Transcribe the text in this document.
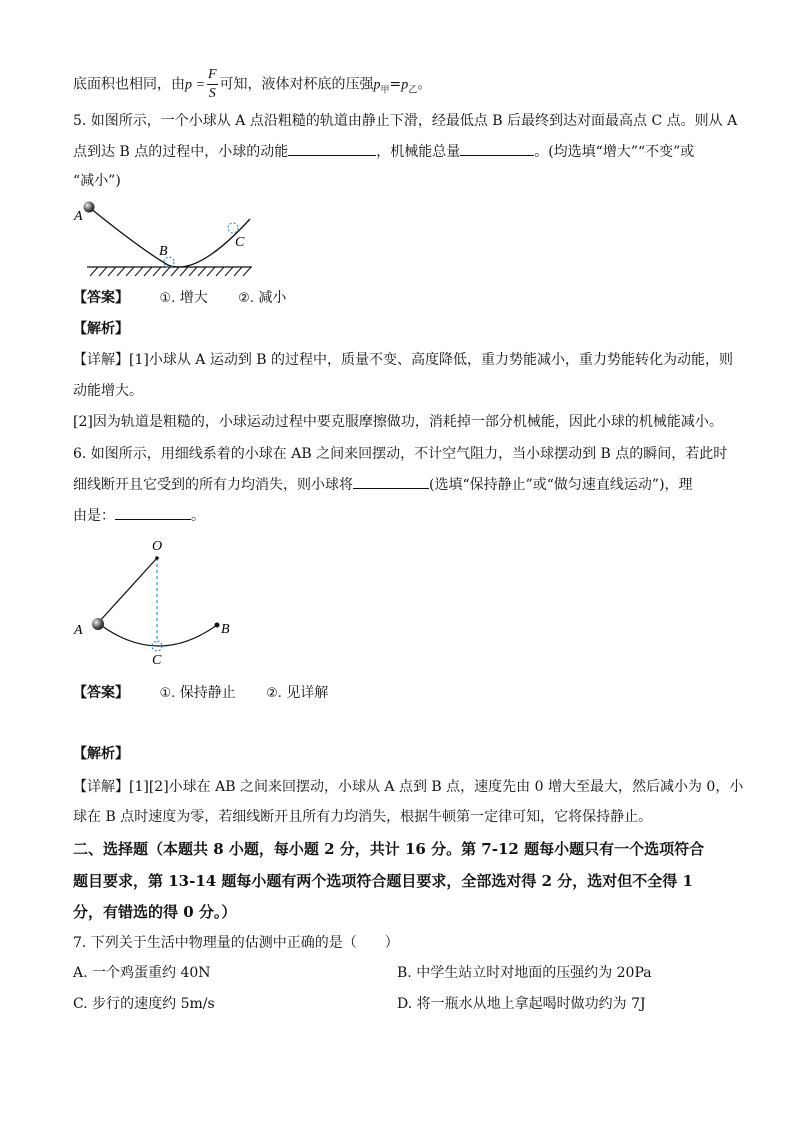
底面积也相同，由$p = \frac{F}{S}$ 可知，液体对杯底的压强$p_甲=p_乙$。
5. 如图所示，一个小球从 A 点沿粗糙的轨道由静止下滑，经最低点 B 后最终到达对面最高点 C 点。则从 A
点到达 B 点的过程中，小球的动能	，机械能总量	。(均选填“增大”“不变”或
“减小”)
A
B
C
【答案】 ①. 增大 ②. 减小
【解析】
【详解】[1]小球从 A 运动到 B 的过程中，质量不变、高度降低，重力势能减小，重力势能转化为动能，则
动能增大。
[2]因为轨道是粗糙的，小球运动过程中要克服摩擦做功，消耗掉一部分机械能，因此小球的机械能减小。
6. 如图所示，用细线系着的小球在 AB 之间来回摆动，不计空气阻力，当小球摆动到 B 点的瞬间，若此时
细线断开且它受到的所有力均消失，则小球将	(选填“保持静止”或“做匀速直线运动”)，理
由是：	。
O
A	B
C
【答案】 ①. 保持静止 ②. 见详解
【解析】
【详解】[1][2]小球在 AB 之间来回摆动，小球从 A 点到 B 点，速度先由 0 增大至最大，然后减小为 0，小
球在 B 点时速度为零，若细线断开且所有力均消失，根据牛顿第一定律可知，它将保持静止。
二、选择题（本题共 8 小题，每小题 2 分，共计 16 分。第 7-12 题每小题只有一个选项符合
题目要求，第 13-14 题每小题有两个选项符合题目要求，全部选对得 2 分，选对但不全得 1
分，有错选的得 0 分。）
7. 下列关于生活中物理量的估测中正确的是（　　）
A. 一个鸡蛋重约 40N	B. 中学生站立时对地面的压强约为 20Pa
C. 步行的速度约 5m/s	D. 将一瓶水从地上拿起喝时做功约为 7J
